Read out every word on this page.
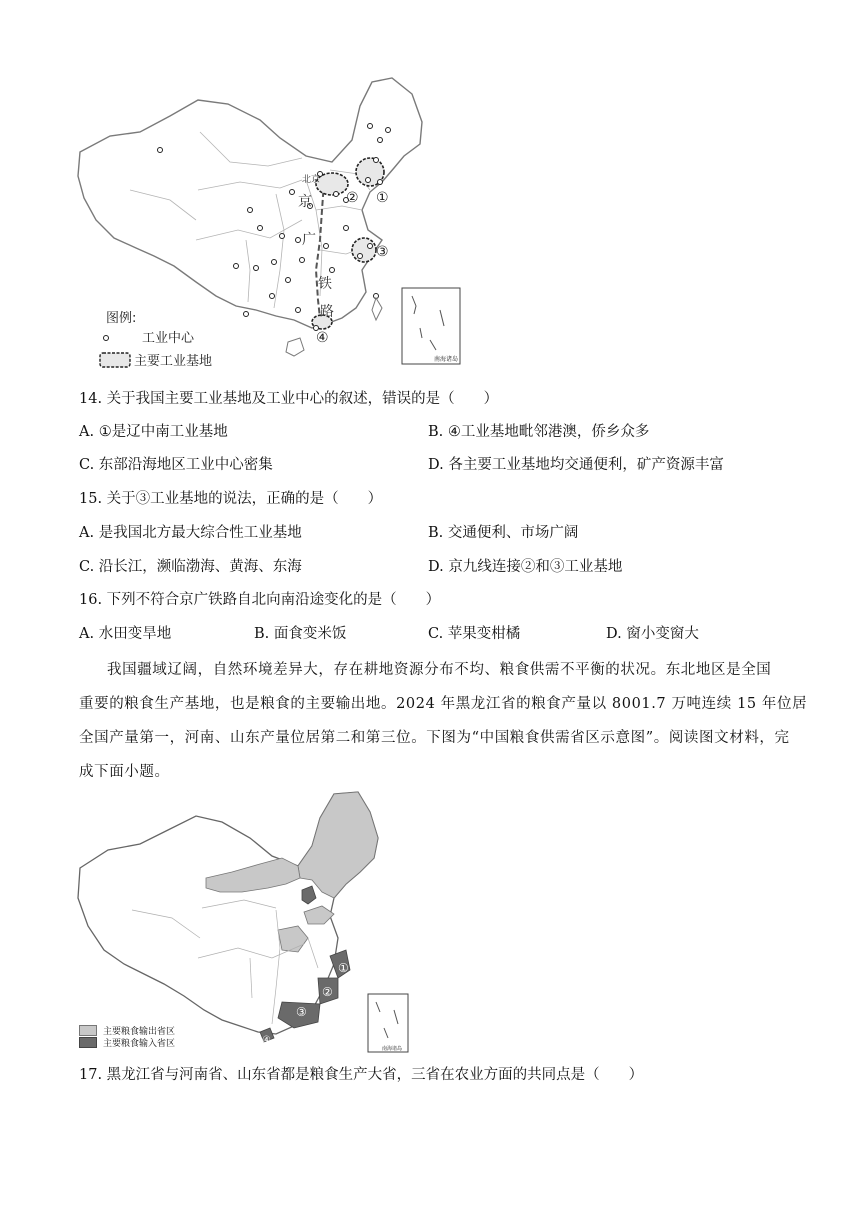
北京
京
广
铁
路
①
②
③
④
南海诸岛
图例:
工业中心
主要工业基地
14. 关于我国主要工业基地及工业中心的叙述，错误的是（　　）
A. ①是辽中南工业基地	B. ④工业基地毗邻港澳，侨乡众多
C. 东部沿海地区工业中心密集	D. 各主要工业基地均交通便利，矿产资源丰富
15. 关于③工业基地的说法，正确的是（　　）
A. 是我国北方最大综合性工业基地	B. 交通便利、市场广阔
C. 沿长江，濒临渤海、黄海、东海	D. 京九线连接②和③工业基地
16. 下列不符合京广铁路自北向南沿途变化的是（　　）
A. 水田变旱地	B. 面食变米饭	C. 苹果变柑橘	D. 窗小变窗大
我国疆域辽阔，自然环境差异大，存在耕地资源分布不均、粮食供需不平衡的状况。东北地区是全国
重要的粮食生产基地，也是粮食的主要输出地。2024 年黑龙江省的粮食产量以 8001.7 万吨连续 15 年位居
全国产量第一，河南、山东产量位居第二和第三位。下图为“中国粮食供需省区示意图”。阅读图文材料，完
成下面小题。
①
②
③
④
南海诸岛
主要粮食输出省区
主要粮食输入省区
17. 黑龙江省与河南省、山东省都是粮食生产大省，三省在农业方面的共同点是（　　）
